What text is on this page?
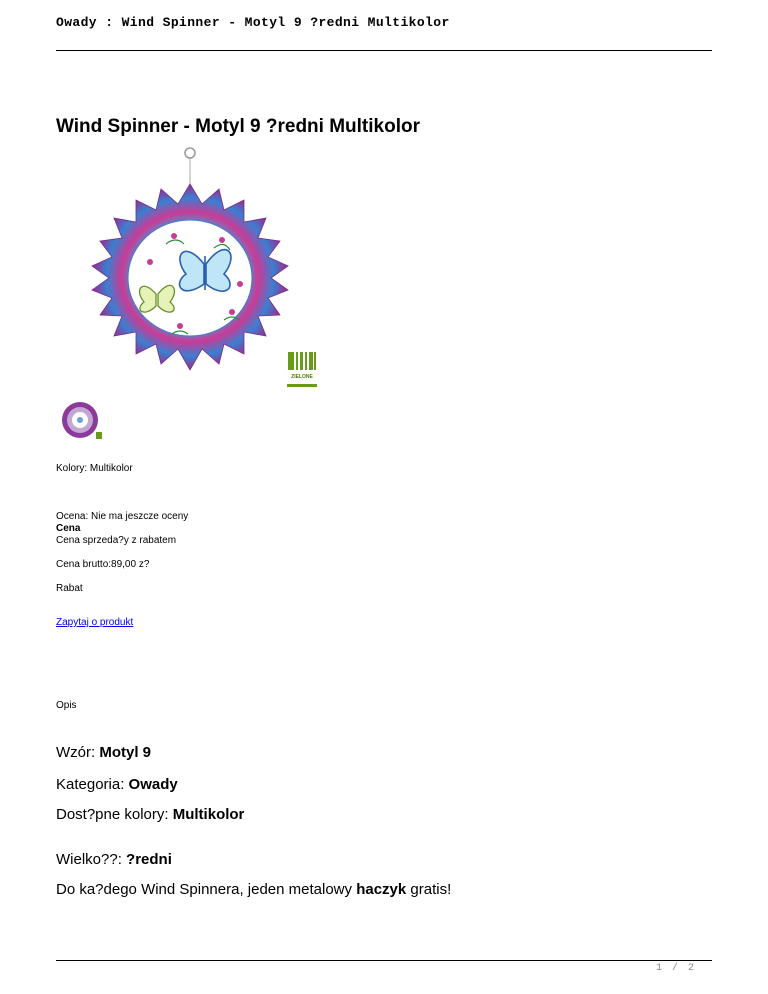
Owady : Wind Spinner - Motyl 9 ?redni Multikolor
Wind Spinner - Motyl 9 ?redni Multikolor
ZIELONE
Kolory: Multikolor
Ocena: Nie ma jeszcze oceny
Cena
Cena sprzeda?y z rabatem
Cena brutto:89,00 z?
Rabat
Zapytaj o produkt
Opis
Wzór: Motyl 9
Kategoria: Owady
Dost?pne kolory: Multikolor
Wielko??: ?redni
Do ka?dego Wind Spinnera, jeden metalowy haczyk gratis!
1 / 2
